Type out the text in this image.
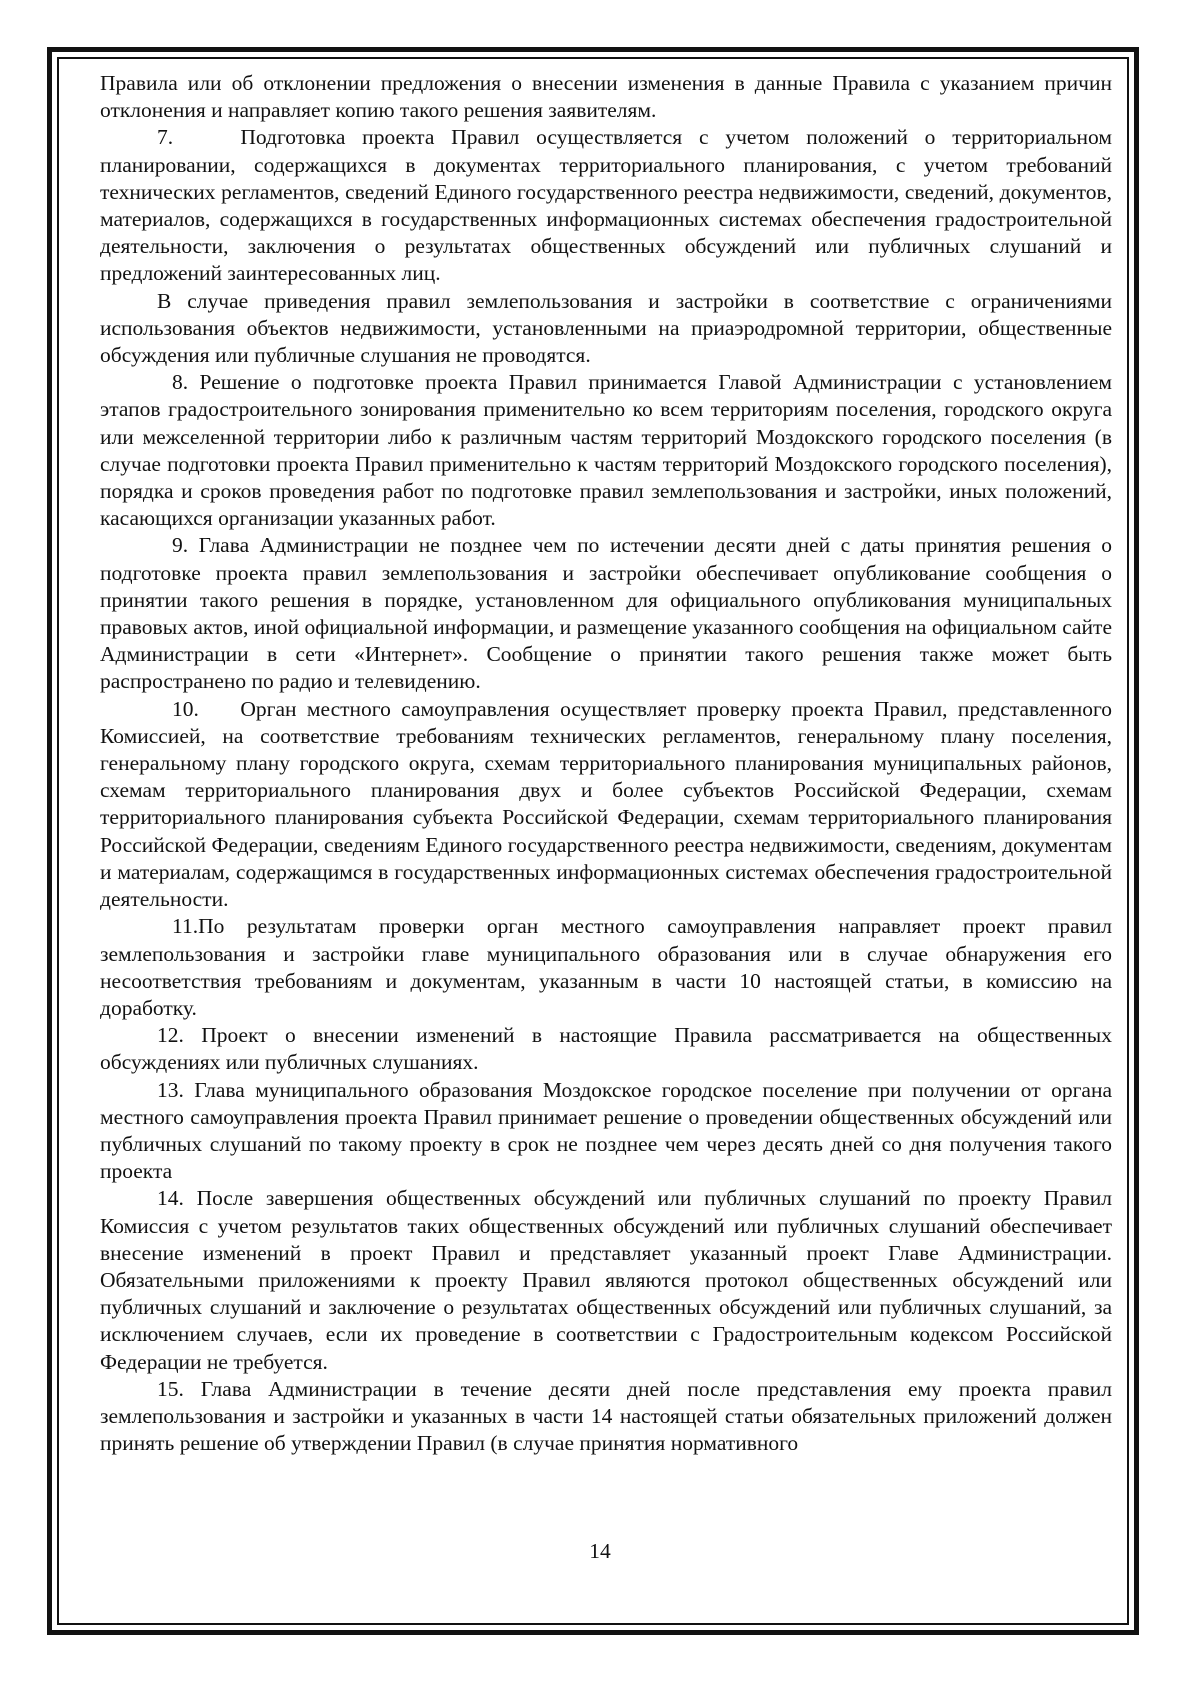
Правила или об отклонении предложения о внесении изменения в данные Правила с указанием причин отклонения и направляет копию такого решения заявителям.

7.    Подготовка проекта Правил осуществляется с учетом положений о территориальном планировании, содержащихся в документах территориального планирования, с учетом требований технических регламентов, сведений Единого государственного реестра недвижимости, сведений, документов, материалов, содержащихся в государственных информационных системах обеспечения градостроительной деятельности, заключения о результатах общественных обсуждений или публичных слушаний и предложений заинтересованных лиц.

В случае приведения правил землепользования и застройки в соответствие с ограничениями использования объектов недвижимости, установленными на приаэродромной территории, общественные обсуждения или публичные слушания не проводятся.

8. Решение о подготовке проекта Правил принимается Главой Администрации с установлением этапов градостроительного зонирования применительно ко всем территориям поселения, городского округа или межселенной территории либо к различным частям территорий Моздокского городского поселения (в случае подготовки проекта Правил применительно к частям территорий Моздокского городского поселения), порядка и сроков проведения работ по подготовке правил землепользования и застройки, иных положений, касающихся организации указанных работ.

9. Глава Администрации не позднее чем по истечении десяти дней с даты принятия решения о подготовке проекта правил землепользования и застройки обеспечивает опубликование сообщения о принятии такого решения в порядке, установленном для официального опубликования муниципальных правовых актов, иной официальной информации, и размещение указанного сообщения на официальном сайте Администрации в сети «Интернет». Сообщение о принятии такого решения также может быть распространено по радио и телевидению.

10.    Орган местного самоуправления осуществляет проверку проекта Правил, представленного Комиссией, на соответствие требованиям технических регламентов, генеральному плану поселения, генеральному плану городского округа, схемам территориального планирования муниципальных районов, схемам территориального планирования двух и более субъектов Российской Федерации, схемам территориального планирования субъекта Российской Федерации, схемам территориального планирования Российской Федерации, сведениям Единого государственного реестра недвижимости, сведениям, документам и материалам, содержащимся в государственных информационных системах обеспечения градостроительной деятельности.

11.По результатам проверки орган местного самоуправления направляет проект правил землепользования и застройки главе муниципального образования или в случае обнаружения его несоответствия требованиям и документам, указанным в части 10 настоящей статьи, в комиссию на доработку.

12. Проект о внесении изменений в настоящие Правила рассматривается на общественных обсуждениях или публичных слушаниях.

13. Глава муниципального образования Моздокское городское поселение при получении от органа местного самоуправления проекта Правил принимает решение о проведении общественных обсуждений или публичных слушаний по такому проекту в срок не позднее чем через десять дней со дня получения такого проекта

14. После завершения общественных обсуждений или публичных слушаний по проекту Правил Комиссия с учетом результатов таких общественных обсуждений или публичных слушаний обеспечивает внесение изменений в проект Правил и представляет указанный проект Главе Администрации. Обязательными приложениями к проекту Правил являются протокол общественных обсуждений или публичных слушаний и заключение о результатах общественных обсуждений или публичных слушаний, за исключением случаев, если их проведение в соответствии с Градостроительным кодексом Российской Федерации не требуется.

15. Глава Администрации в течение десяти дней после представления ему проекта правил землепользования и застройки и указанных в части 14 настоящей статьи обязательных приложений должен принять решение об утверждении Правил (в случае принятия нормативного

14
